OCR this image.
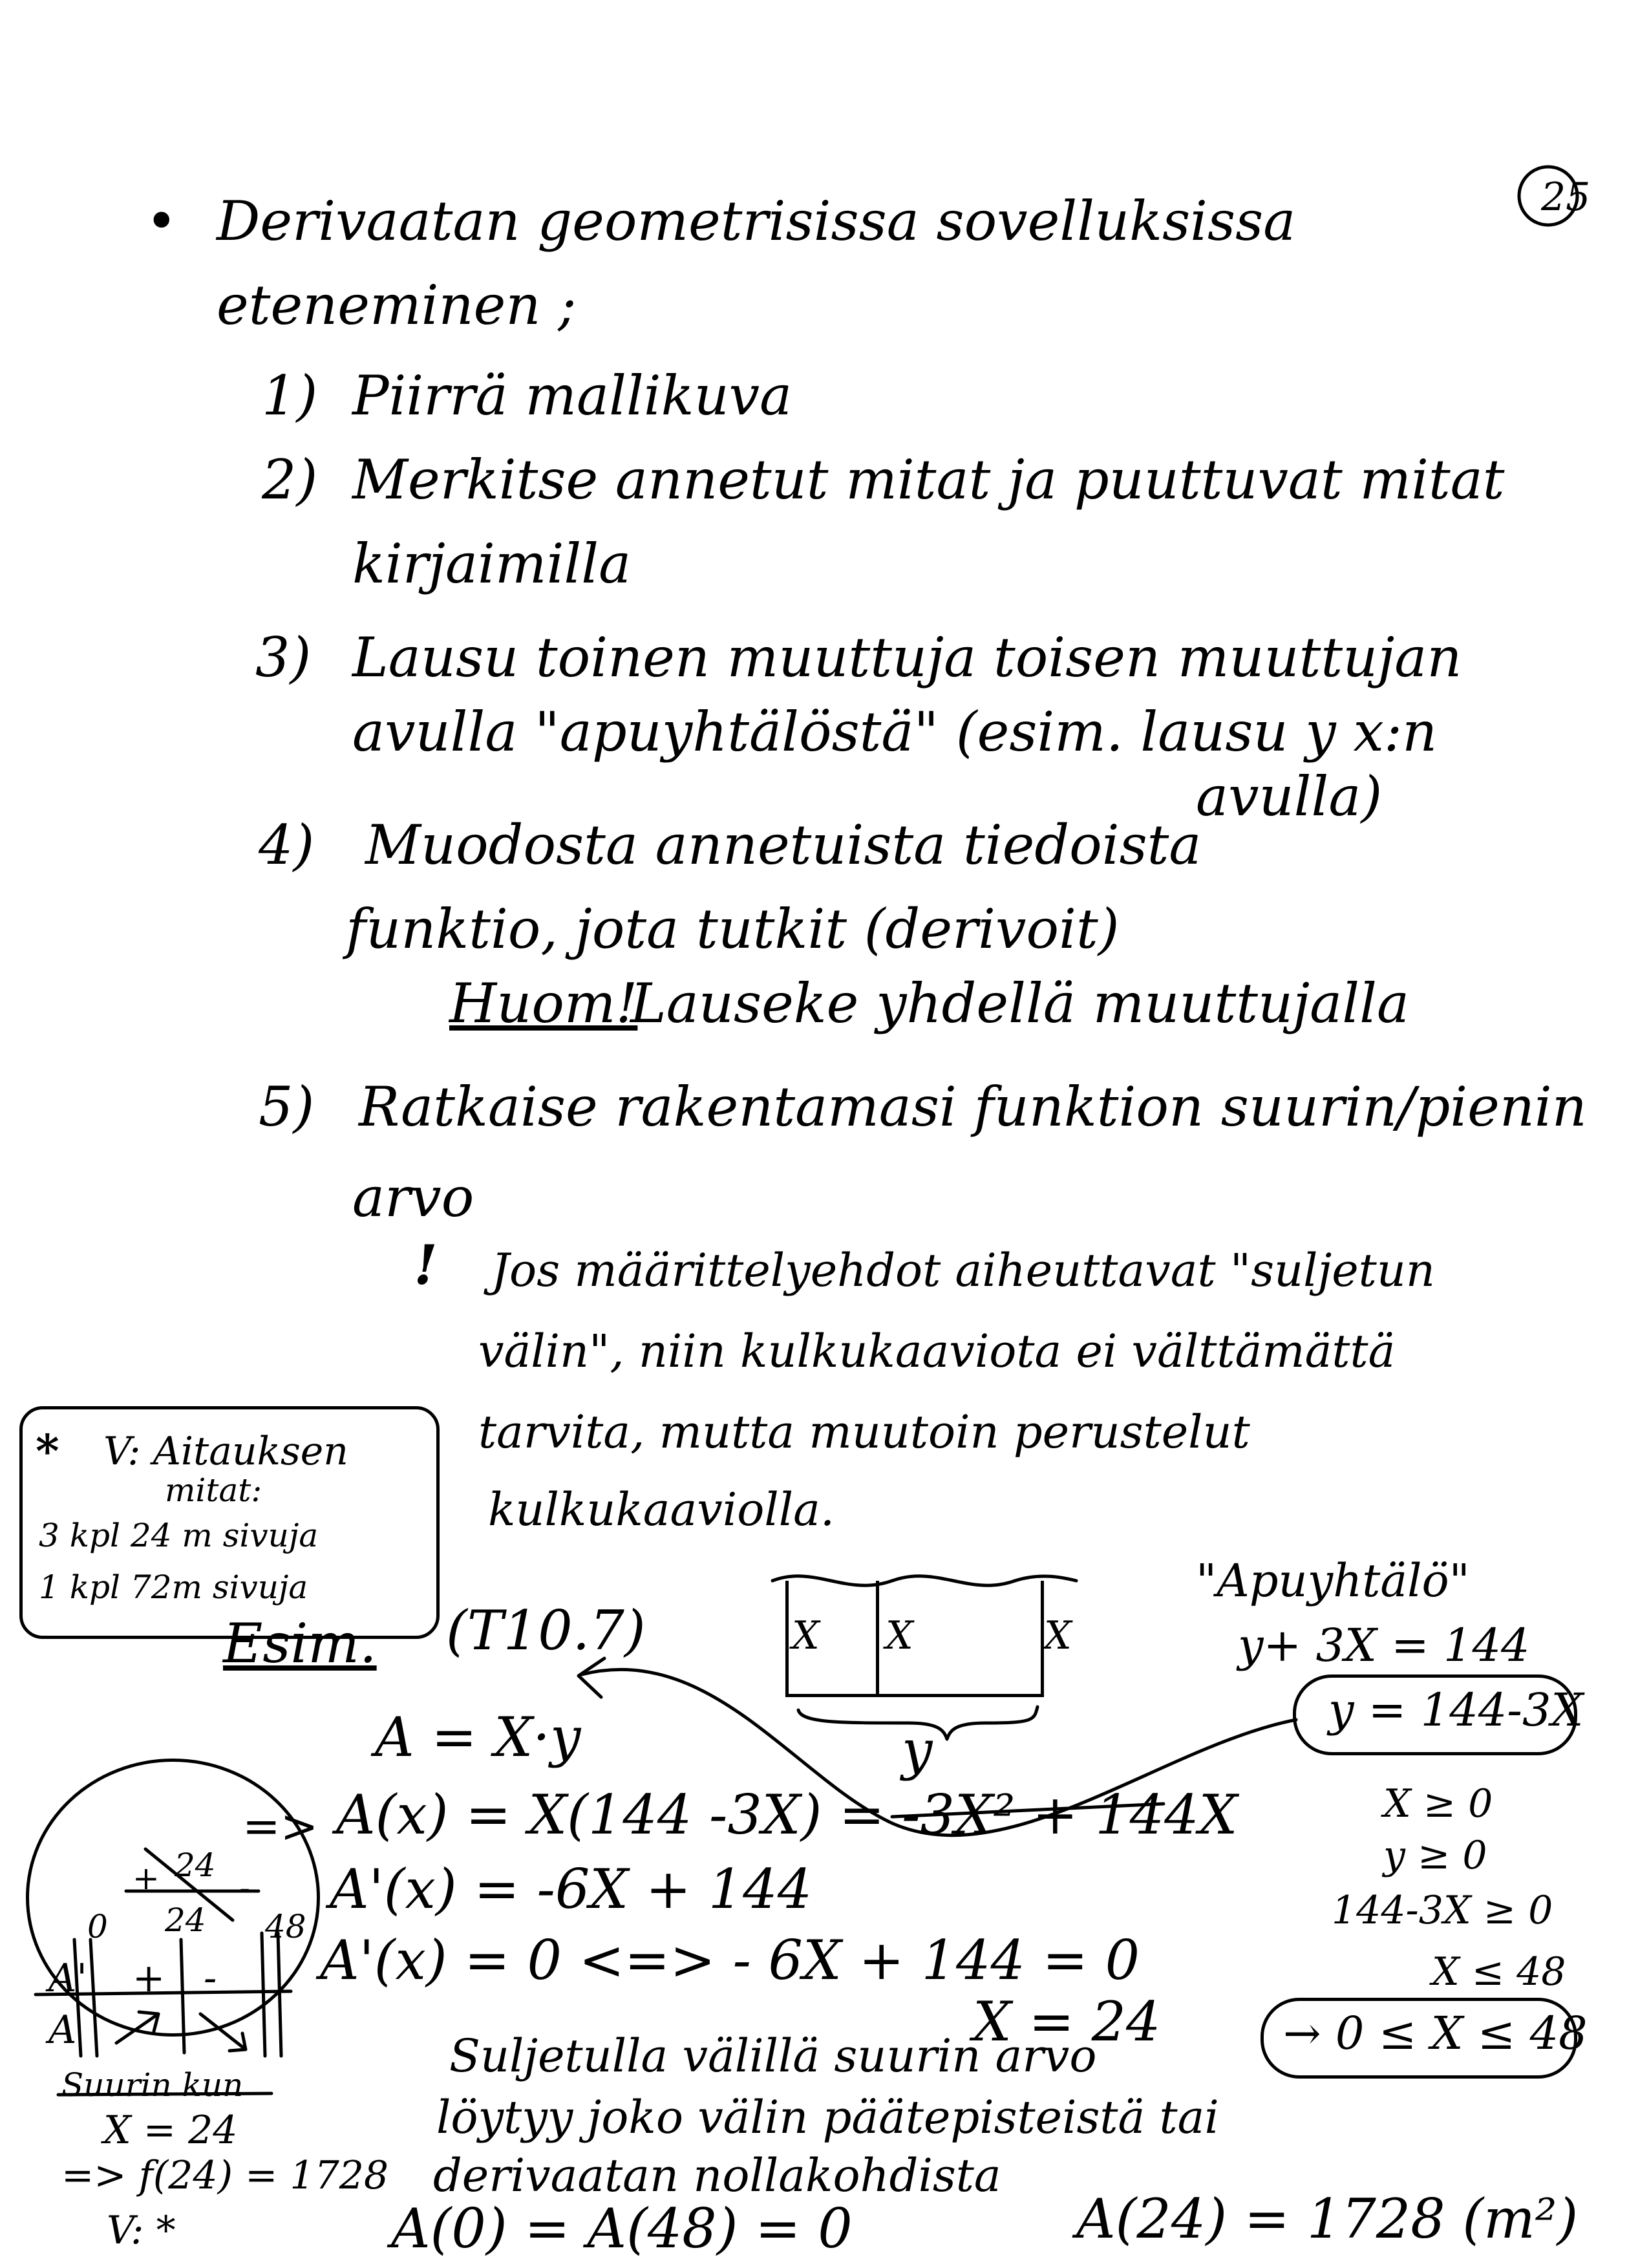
25
• Derivaatan geometrisissa sovelluksissa
eteneminen ;
1) Piirrä mallikuva
2) Merkitse annetut mitat ja puuttuvat mitat
kirjaimilla
3) Lausu toinen muuttuja toisen muuttujan
avulla "apuyhtälöstä" (esim. lausu y x:n
avulla)
4) Muodosta annetuista tiedoista
funktio, jota tutkit (derivoit)
Huom!
Lauseke yhdellä muuttujalla
5) Ratkaise rakentamasi funktion suurin/pienin
arvo
! Jos määrittelyehdot aiheuttavat "suljetun
välin", niin kulkukaaviota ei välttämättä
tarvita, mutta muutoin perustelut
kulkukaaviolla.
* V: Aitauksen
mitat:
3 kpl 24 m sivuja
1 kpl 72m sivuja
Esim. (T10.7)	X X	X
y
"Apuyhtälö"
y+ 3X = 144
y = 144-3X
X ≥ 0
y ≥ 0
144-3X ≥ 0
X ≤ 48
→ 0 ≤ X ≤ 48
A = X·y
=> A(x) = X(144 -3X) = -3X² + 144X
A'(x) = -6X + 144
A'(x) = 0 <=> - 6X + 144 = 0
X = 24
Suljetulla välillä suurin arvo
löytyy joko välin päätepisteistä tai
derivaatan nollakohdista
A(0) = A(48) = 0	A(24) = 1728 (m²)
+ 24
-
0 24 48
A' + -
A
Suurin kun
X = 24
=> f(24) = 1728
V: *
